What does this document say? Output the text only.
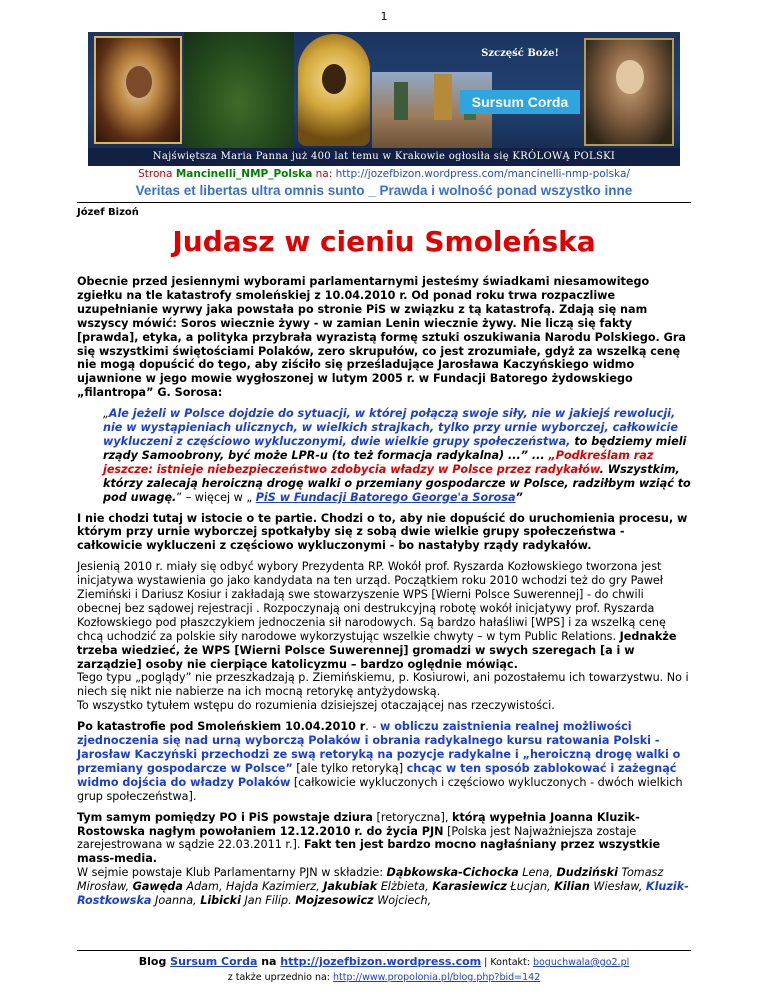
1
Szczęść Boże!
Sursum Corda
Najświętsza Maria Panna już 400 lat temu w Krakowie ogłosiła się KRÓLOWĄ POLSKI
Strona Mancinelli_NMP_Polska na: http://jozefbizon.wordpress.com/mancinelli-nmp-polska/
Veritas et libertas ultra omnis sunto _ Prawda i wolność ponad wszystko inne
Józef Bizoń
Judasz w cieniu Smoleńska

Obecnie przed jesiennymi wyborami parlamentarnymi jesteśmy świadkami niesamowitego zgiełku na tle katastrofy smoleńskiej z 10.04.2010 r. Od ponad roku trwa rozpaczliwe uzupełnianie wyrwy jaka powstała po stronie PiS w związku z tą katastrofą. Zdają się nam wszyscy mówić: Soros wiecznie żywy - w zamian Lenin wiecznie żywy. Nie liczą się fakty [prawda], etyka, a polityka przybrała wyrazistą formę sztuki oszukiwania Narodu Polskiego. Gra się wszystkimi świętościami Polaków, zero skrupułów, co jest zrozumiałe, gdyż za wszelką cenę nie mogą dopuścić do tego, aby ziściło się prześladujące Jarosława Kaczyńskiego widmo ujawnione w jego mowie wygłoszonej w lutym 2005 r. w Fundacji Batorego żydowskiego „filantropa” G. Sorosa:

„Ale jeżeli w Polsce dojdzie do sytuacji, w której połączą swoje siły, nie w jakiejś rewolucji, nie w wystąpieniach ulicznych, w wielkich strajkach, tylko przy urnie wyborczej, całkowicie wykluczeni z częściowo wykluczonymi, dwie wielkie grupy społeczeństwa, to będziemy mieli rządy Samoobrony, być może LPR-u (to też formacja radykalna) ...” ... „Podkreślam raz jeszcze: istnieje niebezpieczeństwo zdobycia władzy w Polsce przez radykałów. Wszystkim, którzy zalecają heroiczną drogę walki o przemiany gospodarcze w Polsce, radziłbym wziąć to pod uwagę.” – więcej w „ PiS w Fundacji Batorego George'a Sorosa”

I nie chodzi tutaj w istocie o te partie. Chodzi o to, aby nie dopuścić do uruchomienia procesu, w którym przy urnie wyborczej spotkałyby się z sobą dwie wielkie grupy społeczeństwa - całkowicie wykluczeni z częściowo wykluczonymi - bo nastałyby rządy radykałów.

Jesienią 2010 r. miały się odbyć wybory Prezydenta RP. Wokół prof. Ryszarda Kozłowskiego tworzona jest inicjatywa wystawienia go jako kandydata na ten urząd. Początkiem roku 2010 wchodzi też do gry Paweł Ziemiński i Dariusz Kosiur i zakładają swe stowarzyszenie WPS [Wierni Polsce Suwerennej] - do chwili obecnej bez sądowej rejestracji . Rozpoczynają oni destrukcyjną robotę wokół inicjatywy prof. Ryszarda Kozłowskiego pod płaszczykiem jednoczenia sił narodowych. Są bardzo hałaśliwi [WPS] i za wszelką cenę chcą uchodzić za polskie siły narodowe wykorzystując wszelkie chwyty – w tym Public Relations. Jednakże trzeba wiedzieć, że WPS [Wierni Polsce Suwerennej] gromadzi w swych szeregach [a i w zarządzie] osoby nie cierpiące katolicyzmu – bardzo oględnie mówiąc.
Tego typu „poglądy” nie przeszkadzają p. Ziemińskiemu, p. Kosiurowi, ani pozostałemu ich towarzystwu. No i niech się nikt nie nabierze na ich mocną retorykę antyżydowską.
To wszystko tytułem wstępu do rozumienia dzisiejszej otaczającej nas rzeczywistości.

Po katastrofie pod Smoleńskiem 10.04.2010 r. - w obliczu zaistnienia realnej możliwości zjednoczenia się nad urną wyborczą Polaków i obrania radykalnego kursu ratowania Polski - Jarosław Kaczyński przechodzi ze swą retoryką na pozycje radykalne i „heroiczną drogę walki o przemiany gospodarcze w Polsce” [ale tylko retoryką] chcąc w ten sposób zablokować i zażegnąć widmo dojścia do władzy Polaków [całkowicie wykluczonych i częściowo wykluczonych - dwóch wielkich grup społeczeństwa].

Tym samym pomiędzy PO i PiS powstaje dziura [retoryczna], którą wypełnia Joanna Kluzik-Rostowska nagłym powołaniem 12.12.2010 r. do życia PJN [Polska jest Najważniejsza zostaje zarejestrowana w sądzie 22.03.2011 r.]. Fakt ten jest bardzo mocno nagłaśniany przez wszystkie mass-media.

W sejmie powstaje Klub Parlamentarny PJN w składzie: Dąbkowska-Cichocka Lena, Dudziński Tomasz Mirosław, Gawęda Adam, Hajda Kazimierz, Jakubiak Elżbieta, Karasiewicz Łucjan, Kilian Wiesław, Kluzik-Rostkowska Joanna, Libicki Jan Filip. Mojzesowicz Wojciech,

Blog Sursum Corda na http://jozefbizon.wordpress.com | Kontakt: boguchwala@go2.pl
z także uprzednio na: http://www.propolonia.pl/blog.php?bid=142
